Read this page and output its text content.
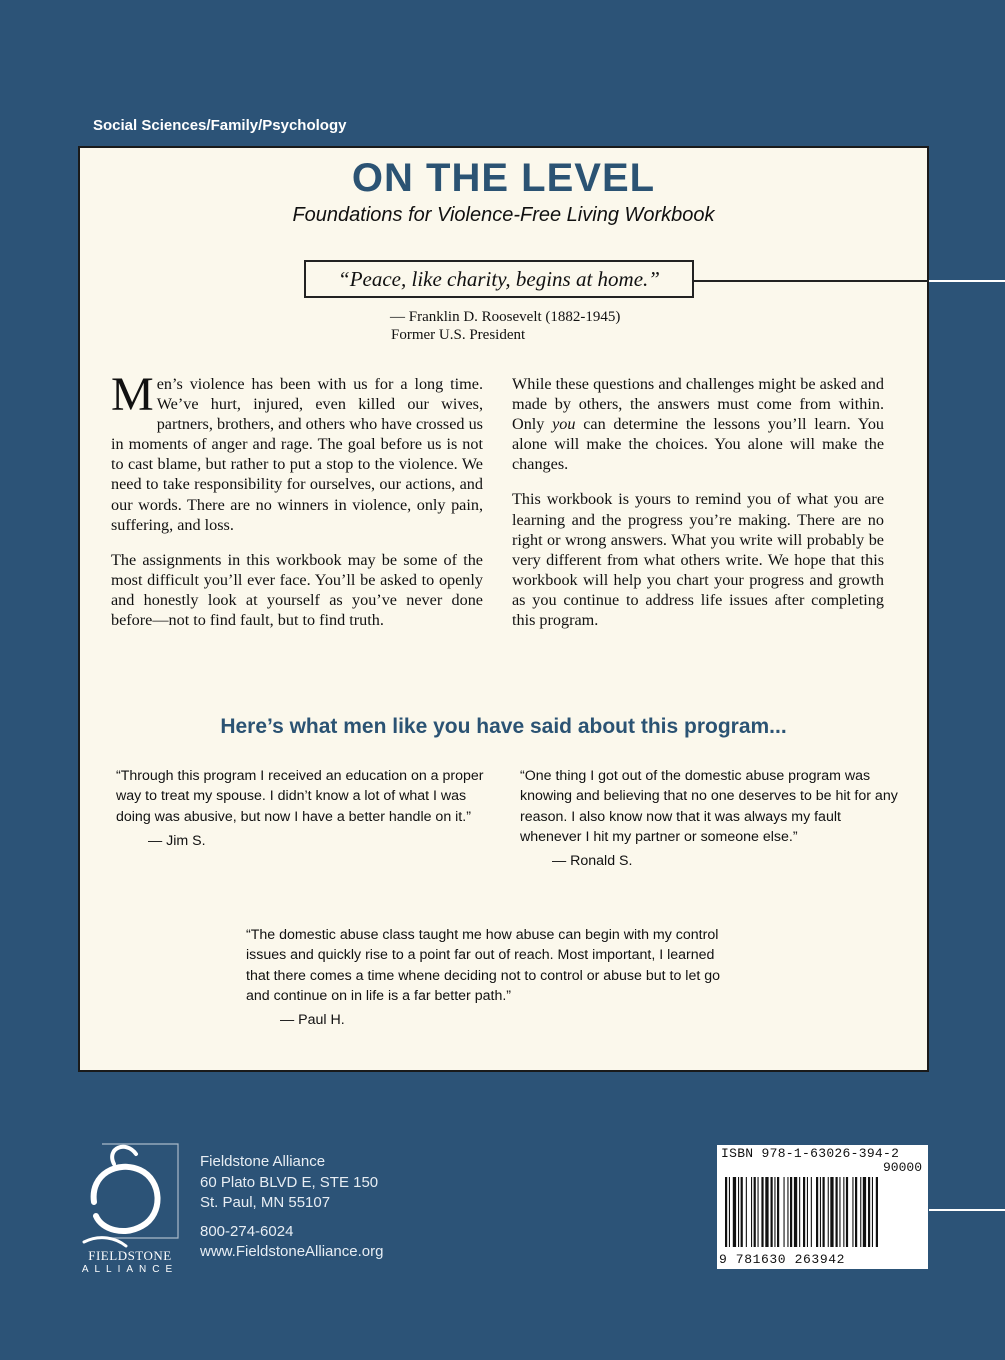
Social Sciences/Family/Psychology
ON THE LEVEL
Foundations for Violence-Free Living Workbook
“Peace, like charity, begins at home.”
— Franklin D. Roosevelt (1882-1945)
Former U.S. President

Men’s violence has been with us for a long time. We’ve hurt, injured, even killed our wives, partners, brothers, and others who have crossed us in moments of anger and rage. The goal before us is not to cast blame, but rather to put a stop to the violence. We need to take responsibility for ourselves, our actions, and our words. There are no winners in violence, only pain, suffering, and loss.

The assignments in this workbook may be some of the most difficult you’ll ever face. You’ll be asked to openly and honestly look at yourself as you’ve never done before—not to find fault, but to find truth.

While these questions and challenges might be asked and made by others, the answers must come from within. Only you can determine the lessons you’ll learn. You alone will make the choices. You alone will make the changes.

This workbook is yours to remind you of what you are learning and the progress you’re making. There are no right or wrong answers. What you write will probably be very different from what others write. We hope that this workbook will help you chart your progress and growth as you continue to address life issues after completing this program.

Here’s what men like you have said about this program...
“Through this program I received an education on a proper way to treat my spouse. I didn’t know a lot of what I was doing was abusive, but now I have a better handle on it.”
— Jim S.
“One thing I got out of the domestic abuse program was knowing and believing that no one deserves to be hit for any reason. I also know now that it was always my fault whenever I hit my partner or someone else.”
— Ronald S.
“The domestic abuse class taught me how abuse can begin with my control issues and quickly rise to a point far out of reach. Most important, I learned that there comes a time whene deciding not to control or abuse but to let go and continue on in life is a far better path.”
— Paul H.
FIELDSTONE
ALLIANCE
Fieldstone Alliance
60 Plato BLVD E, STE 150
St. Paul, MN 55107
800-274-6024
www.FieldstoneAlliance.org
ISBN 978-1-63026-394-2
90000
9 781630 263942
